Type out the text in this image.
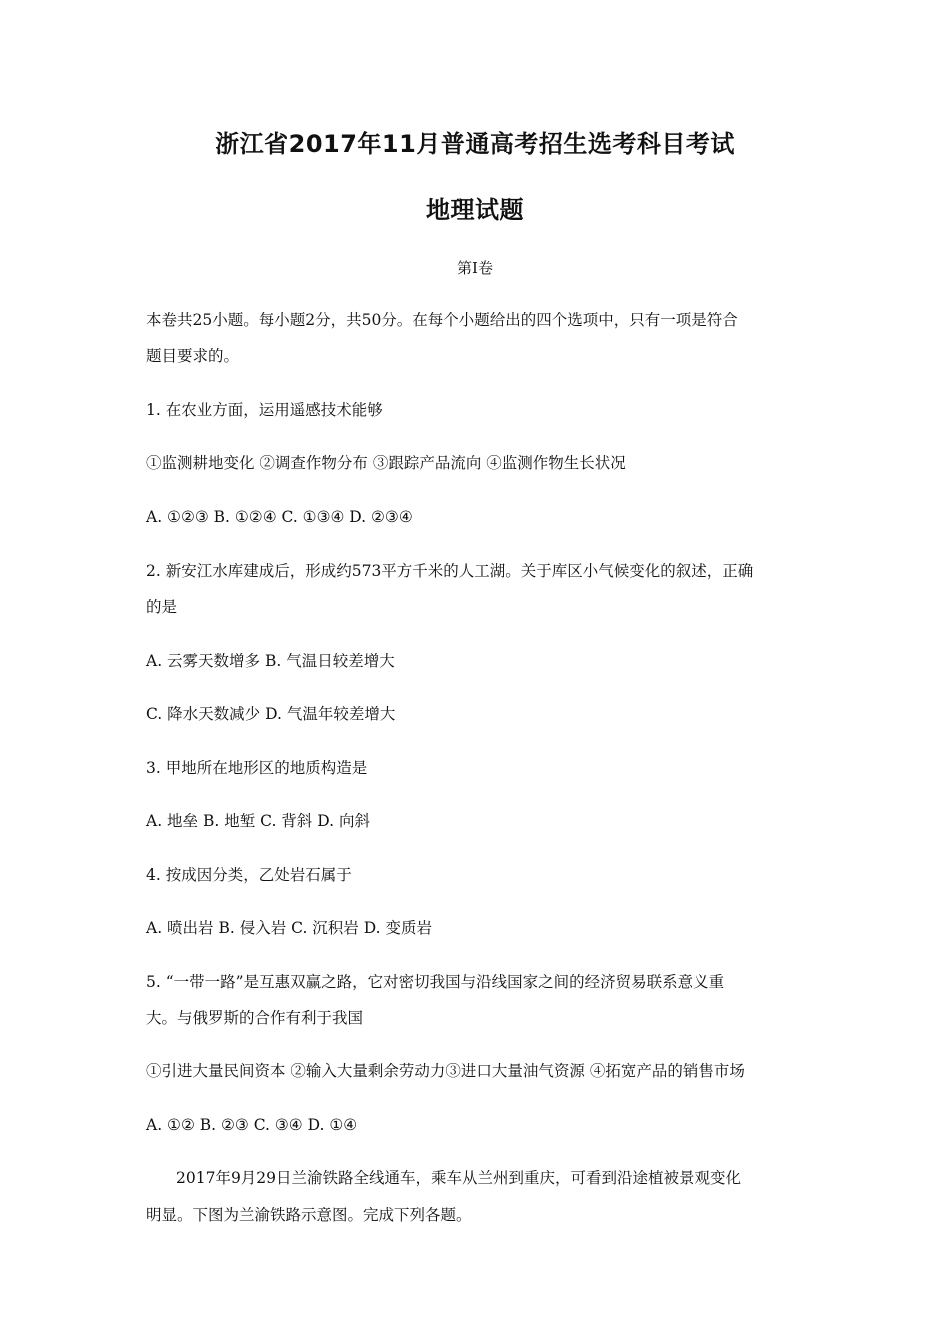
浙江省2017年11月普通高考招生选考科目考试
地理试题
第Ⅰ卷
本卷共25小题。每小题2分，共50分。在每个小题给出的四个选项中，只有一项是符合
题目要求的。
1. 在农业方面，运用遥感技术能够
①监测耕地变化 ②调查作物分布 ③跟踪产品流向 ④监测作物生长状况
A. ①②③ B. ①②④ C. ①③④ D. ②③④
2. 新安江水库建成后，形成约573平方千米的人工湖。关于库区小气候变化的叙述，正确
的是
A. 云雾天数增多 B. 气温日较差增大
C. 降水天数减少 D. 气温年较差增大
3. 甲地所在地形区的地质构造是
A. 地垒 B. 地堑 C. 背斜 D. 向斜
4. 按成因分类，乙处岩石属于
A. 喷出岩 B. 侵入岩 C. 沉积岩 D. 变质岩
5. “一带一路”是互惠双赢之路，它对密切我国与沿线国家之间的经济贸易联系意义重
大。与俄罗斯的合作有利于我国
①引进大量民间资本 ②输入大量剩余劳动力③进口大量油气资源 ④拓宽产品的销售市场
A. ①② B. ②③ C. ③④ D. ①④
2017年9月29日兰渝铁路全线通车，乘车从兰州到重庆，可看到沿途植被景观变化
明显。下图为兰渝铁路示意图。完成下列各题。
